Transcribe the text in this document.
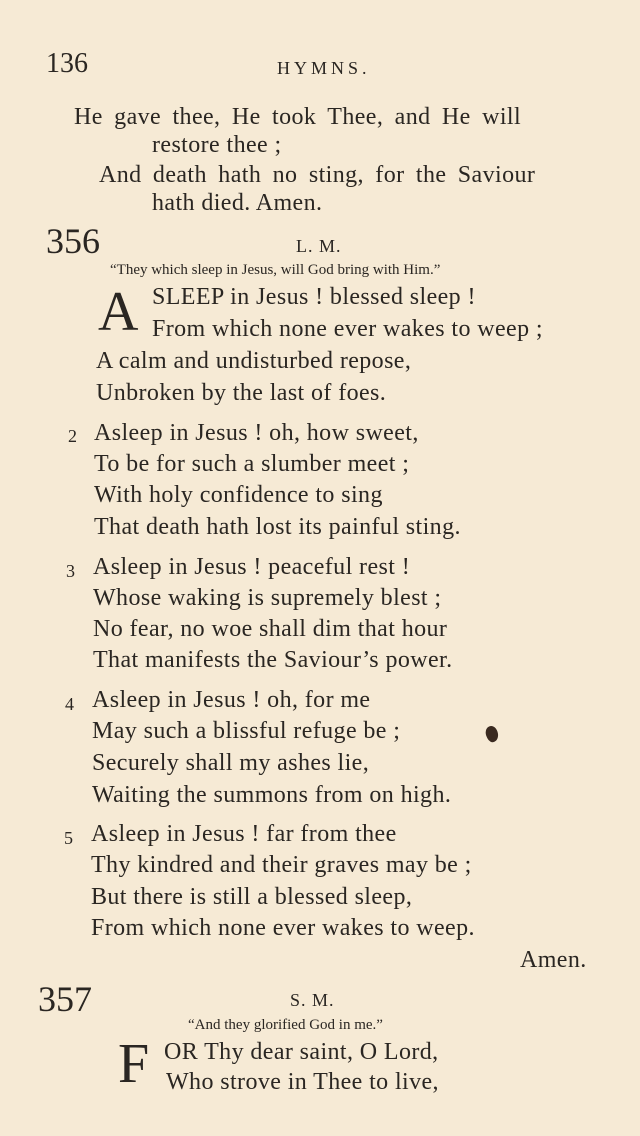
136	HYMNS.
He gave thee, He took Thee, and He will
restore thee ;
And death hath no sting, for the Saviour
hath died. Amen.
356	L. M.
“They which sleep in Jesus, will God bring with Him.”
A SLEEP in Jesus ! blessed sleep !
From which none ever wakes to weep ;
A calm and undisturbed repose,
Unbroken by the last of foes.
2 Asleep in Jesus ! oh, how sweet,
To be for such a slumber meet ;
With holy confidence to sing
That death hath lost its painful sting.
3 Asleep in Jesus ! peaceful rest !
Whose waking is supremely blest ;
No fear, no woe shall dim that hour
That manifests the Saviour’s power.
4 Asleep in Jesus ! oh, for me
May such a blissful refuge be ;
Securely shall my ashes lie,
Waiting the summons from on high.
5 Asleep in Jesus ! far from thee
Thy kindred and their graves may be ;
But there is still a blessed sleep,
From which none ever wakes to weep.
Amen.
357	S. M.
“And they glorified God in me.”
F OR Thy dear saint, O Lord,
Who strove in Thee to live,
